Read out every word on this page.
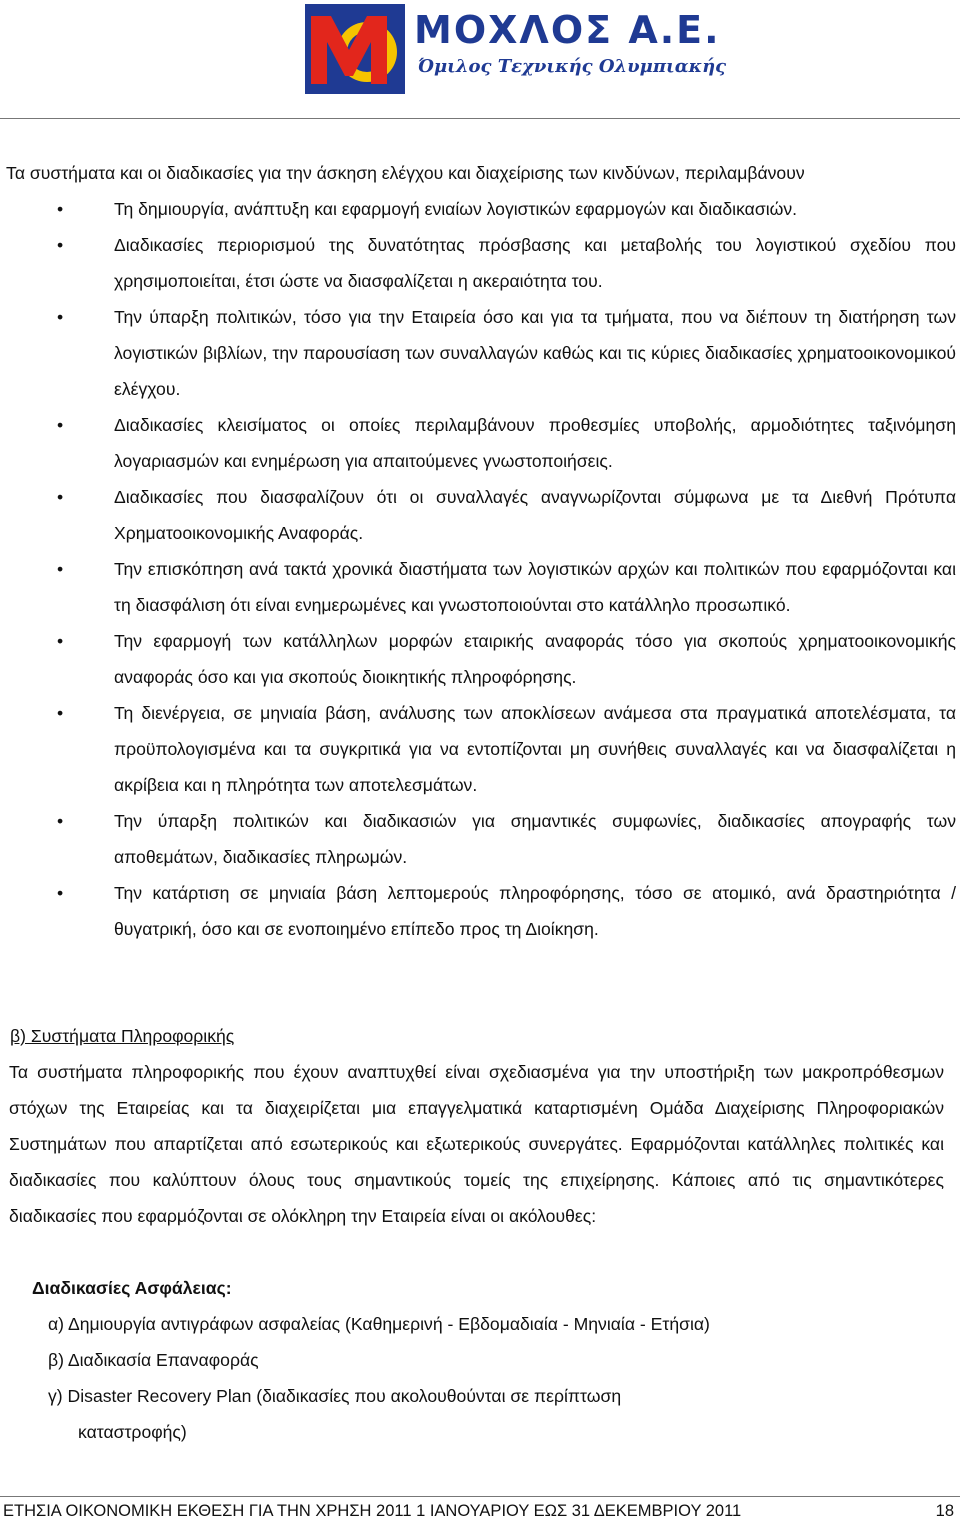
ΜΟΧΛΟΣ Α.Ε.
Όμιλος Τεχνικής Ολυμπιακής
Τα συστήματα και οι διαδικασίες για την άσκηση ελέγχου και διαχείρισης των κινδύνων, περιλαμβάνουν
•	Τη δημιουργία, ανάπτυξη και εφαρμογή ενιαίων λογιστικών εφαρμογών και διαδικασιών.
•	Διαδικασίες περιορισμού της δυνατότητας πρόσβασης και μεταβολής του λογιστικού σχεδίου που χρησιμοποιείται, έτσι ώστε να διασφαλίζεται η ακεραιότητα του.
•	Την ύπαρξη πολιτικών, τόσο για την Εταιρεία όσο και για τα τμήματα, που να διέπουν τη διατήρηση των λογιστικών βιβλίων, την παρουσίαση των συναλλαγών καθώς και τις κύριες διαδικασίες χρηματοοικονομικού ελέγχου.
•	Διαδικασίες κλεισίματος οι οποίες περιλαμβάνουν προθεσμίες υποβολής, αρμοδιότητες ταξινόμηση λογαριασμών και ενημέρωση για απαιτούμενες γνωστοποιήσεις.
•	Διαδικασίες που διασφαλίζουν ότι οι συναλλαγές αναγνωρίζονται σύμφωνα με τα Διεθνή Πρότυπα Χρηματοοικονομικής Αναφοράς.
•	Την επισκόπηση ανά τακτά χρονικά διαστήματα των λογιστικών αρχών και πολιτικών που εφαρμόζονται και τη διασφάλιση ότι είναι ενημερωμένες και γνωστοποιούνται στο κατάλληλο προσωπικό.
•	Την εφαρμογή των κατάλληλων μορφών εταιρικής αναφοράς τόσο για σκοπούς χρηματοοικονομικής αναφοράς όσο και για σκοπούς διοικητικής πληροφόρησης.
•	Τη διενέργεια, σε μηνιαία βάση, ανάλυσης των αποκλίσεων ανάμεσα στα πραγματικά αποτελέσματα, τα προϋπολογισμένα και τα συγκριτικά για να εντοπίζονται μη συνήθεις συναλλαγές και να διασφαλίζεται η ακρίβεια και η πληρότητα των αποτελεσμάτων.
•	Την ύπαρξη πολιτικών και διαδικασιών για σημαντικές συμφωνίες, διαδικασίες απογραφής των αποθεμάτων, διαδικασίες πληρωμών.
•	Την κατάρτιση σε μηνιαία βάση λεπτομερούς πληροφόρησης, τόσο σε ατομικό, ανά δραστηριότητα / θυγατρική, όσο και σε ενοποιημένο επίπεδο προς τη Διοίκηση.
β) Συστήματα Πληροφορικής
Τα συστήματα πληροφορικής που έχουν αναπτυχθεί είναι σχεδιασμένα για την υποστήριξη των μακροπρόθεσμων στόχων της Εταιρείας και τα διαχειρίζεται μια επαγγελματικά καταρτισμένη Ομάδα Διαχείρισης Πληροφοριακών Συστημάτων που απαρτίζεται από εσωτερικούς και εξωτερικούς συνεργάτες. Εφαρμόζονται κατάλληλες πολιτικές και διαδικασίες που καλύπτουν όλους τους σημαντικούς τομείς της επιχείρησης. Κάποιες από τις σημαντικότερες διαδικασίες που εφαρμόζονται σε ολόκληρη την Εταιρεία είναι οι ακόλουθες:
Διαδικασίες Ασφάλειας:
α) Δημιουργία αντιγράφων ασφαλείας (Καθημερινή - Εβδομαδιαία - Μηνιαία - Ετήσια)
β) Διαδικασία Επαναφοράς
γ) Disaster Recovery Plan (διαδικασίες που ακολουθούνται σε περίπτωση
καταστροφής)
ΕΤΗΣΙΑ ΟΙΚΟΝΟΜΙΚΗ ΕΚΘΕΣΗ ΓΙΑ ΤΗΝ ΧΡΗΣΗ 2011 1 ΙΑΝΟΥΑΡΙΟΥ ΕΩΣ 31 ΔΕΚΕΜΒΡΙΟΥ 2011	18
